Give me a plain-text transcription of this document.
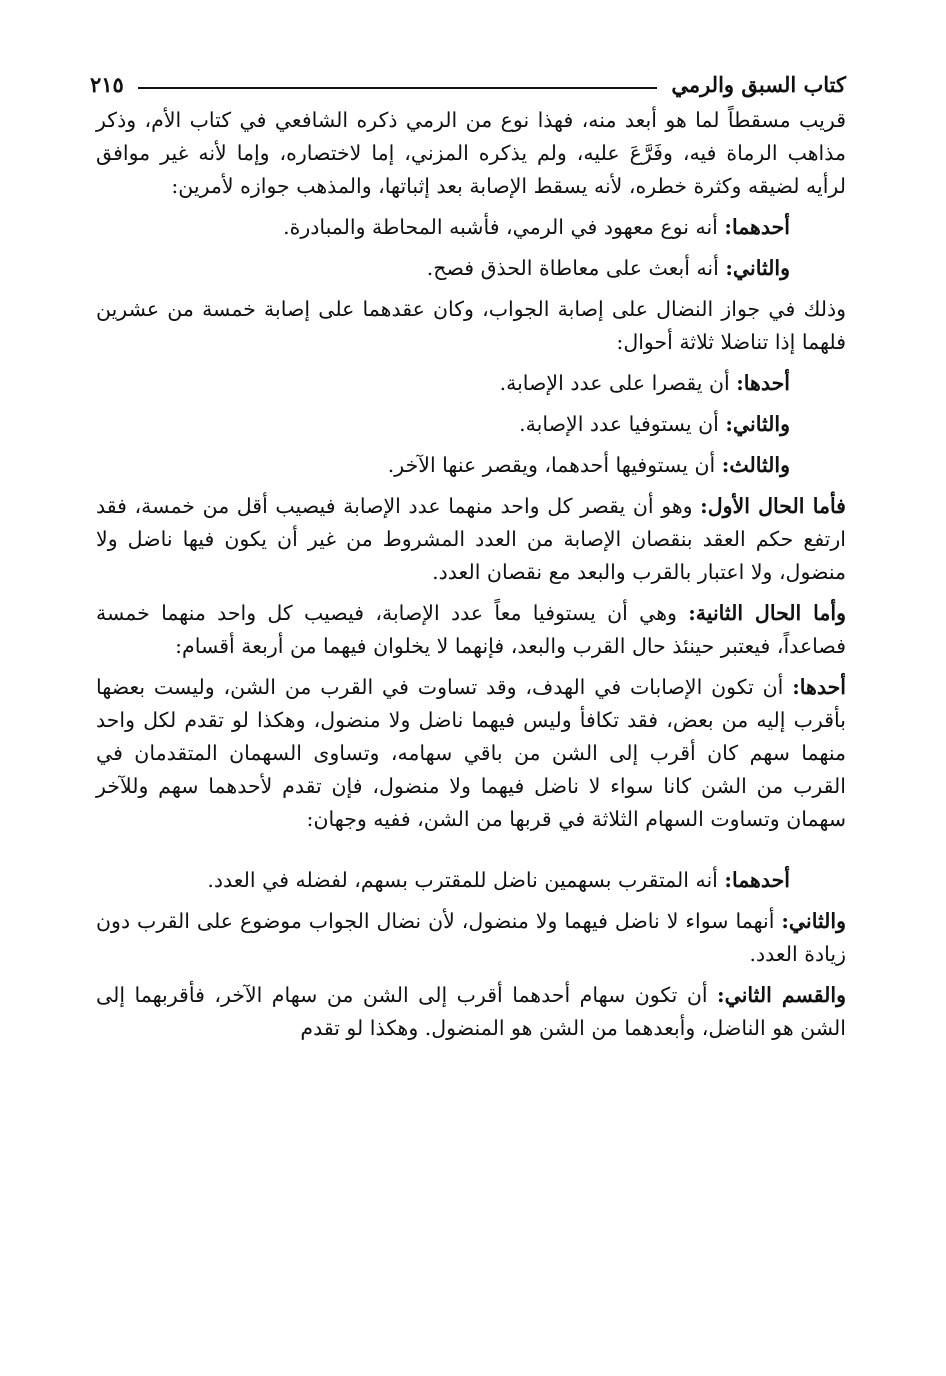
كتاب السبق والرمي
٢١٥

قريب مسقطاً لما هو أبعد منه، فهذا نوع من الرمي ذكره الشافعي في كتاب الأم، وذكر مذاهب الرماة فيه، وفَرَّعَ عليه، ولم يذكره المزني، إما لاختصاره، وإما لأنه غير موافق لرأيه لضيقه وكثرة خطره، لأنه يسقط الإصابة بعد إثباتها، والمذهب جوازه لأمرين:

أحدهما: أنه نوع معهود في الرمي، فأشبه المحاطة والمبادرة.

والثاني: أنه أبعث على معاطاة الحذق فصح.

وذلك في جواز النضال على إصابة الجواب، وكان عقدهما على إصابة خمسة من عشرين فلهما إذا تناضلا ثلاثة أحوال:

أحدها: أن يقصرا على عدد الإصابة.

والثاني: أن يستوفيا عدد الإصابة.

والثالث: أن يستوفيها أحدهما، ويقصر عنها الآخر.

فأما الحال الأول: وهو أن يقصر كل واحد منهما عدد الإصابة فيصيب أقل من خمسة، فقد ارتفع حكم العقد بنقصان الإصابة من العدد المشروط من غير أن يكون فيها ناضل ولا منضول، ولا اعتبار بالقرب والبعد مع نقصان العدد.

وأما الحال الثانية: وهي أن يستوفيا معاً عدد الإصابة، فيصيب كل واحد منهما خمسة فصاعداً، فيعتبر حينئذ حال القرب والبعد، فإنهما لا يخلوان فيهما من أربعة أقسام:

أحدها: أن تكون الإصابات في الهدف، وقد تساوت في القرب من الشن، وليست بعضها بأقرب إليه من بعض، فقد تكافأ وليس فيهما ناضل ولا منضول، وهكذا لو تقدم لكل واحد منهما سهم كان أقرب إلى الشن من باقي سهامه، وتساوى السهمان المتقدمان في القرب من الشن كانا سواء لا ناضل فيهما ولا منضول، فإن تقدم لأحدهما سهم وللآخر سهمان وتساوت السهام الثلاثة في قربها من الشن، ففيه وجهان:

أحدهما: أنه المتقرب بسهمين ناضل للمقترب بسهم، لفضله في العدد.

والثاني: أنهما سواء لا ناضل فيهما ولا منضول، لأن نضال الجواب موضوع على القرب دون زيادة العدد.

والقسم الثاني: أن تكون سهام أحدهما أقرب إلى الشن من سهام الآخر، فأقربهما إلى الشن هو الناضل، وأبعدهما من الشن هو المنضول. وهكذا لو تقدم
